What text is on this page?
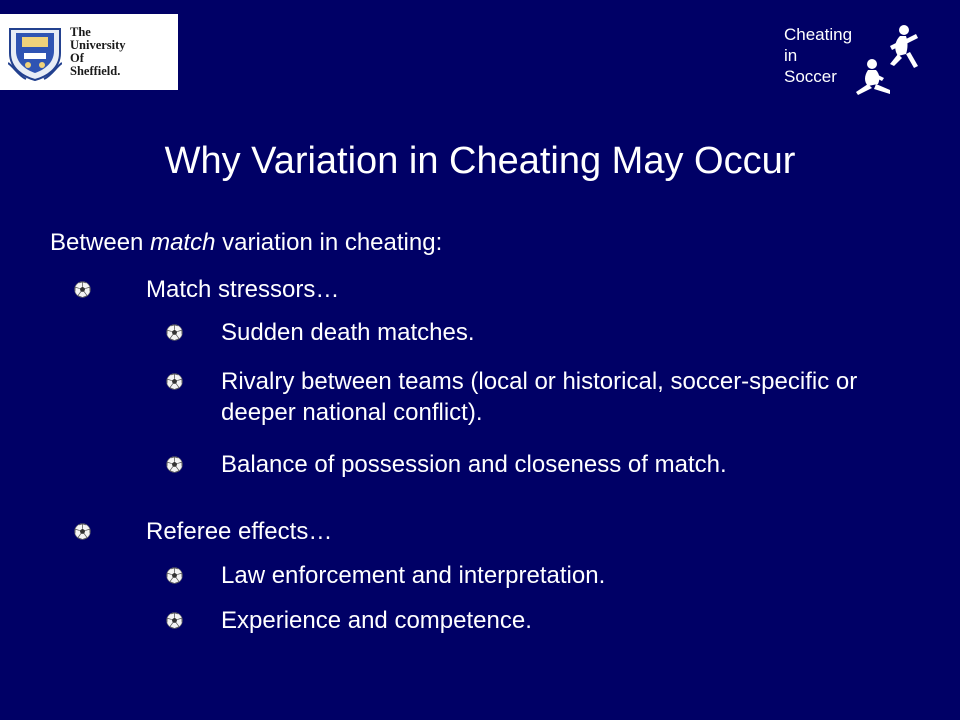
The
University
Of
Sheffield.
Cheating
in
Soccer
Why Variation in Cheating May Occur
Between match variation in cheating:
Match stressors…
Sudden death matches.
Rivalry between teams (local or historical, soccer-specific or deeper national conflict).
Balance of possession and closeness of match.
Referee effects…
Law enforcement and interpretation.
Experience and competence.
